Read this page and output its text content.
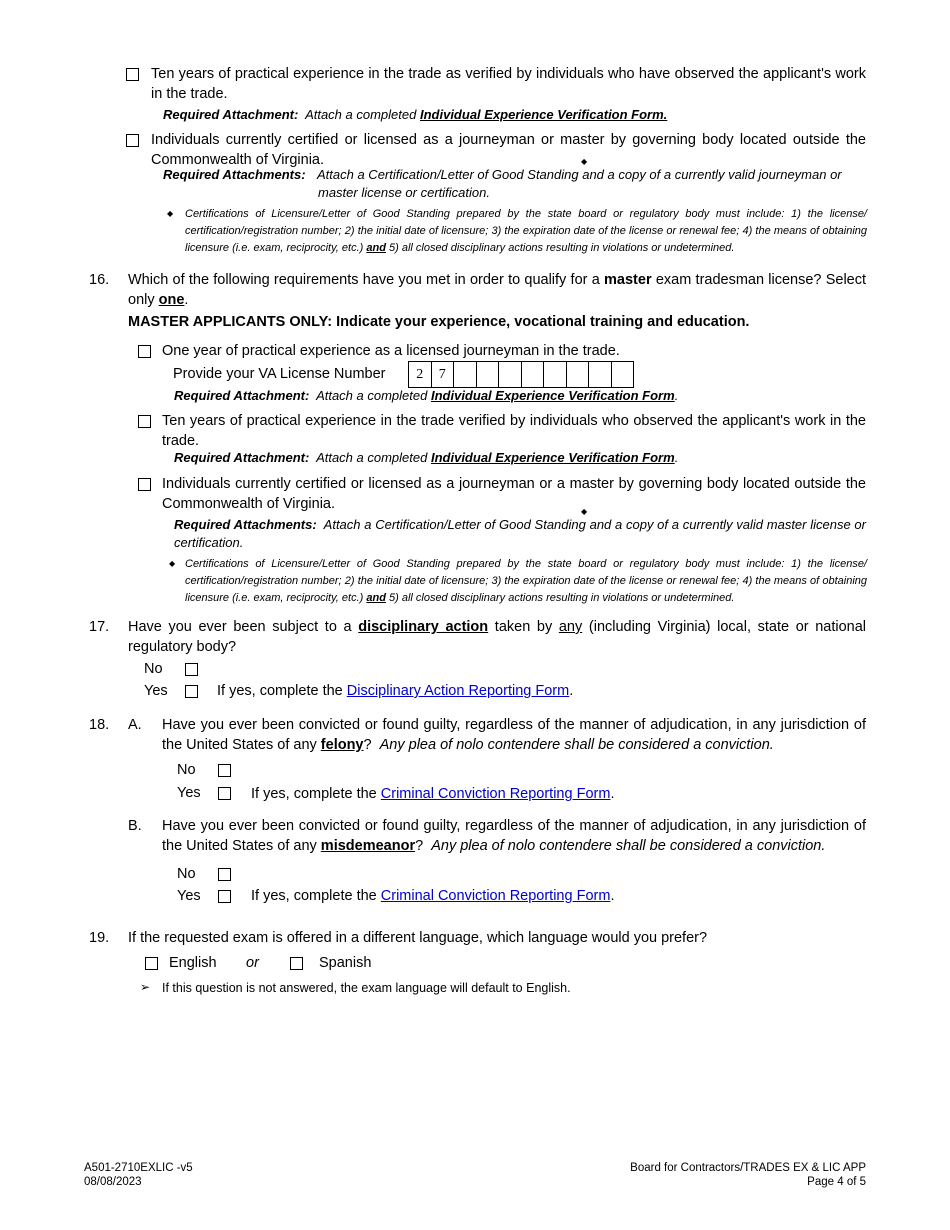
Ten years of practical experience in the trade as verified by individuals who have observed the applicant's work in the trade.
Required Attachment: Attach a completed Individual Experience Verification Form.
Individuals currently certified or licensed as a journeyman or master by governing body located outside the Commonwealth of Virginia.	◆
Required Attachments: Attach a Certification/Letter of Good Standing and a copy of a currently valid journeyman or
master license or certification.
◆ Certifications of Licensure/Letter of Good Standing prepared by the state board or regulatory body must include: 1) the license/ certification/registration number; 2) the initial date of licensure; 3) the expiration date of the license or renewal fee; 4) the means of obtaining licensure (i.e. exam, reciprocity, etc.) and 5) all closed disciplinary actions resulting in violations or undetermined.
16. Which of the following requirements have you met in order to qualify for a master exam tradesman license? Select only one.
MASTER APPLICANTS ONLY: Indicate your experience, vocational training and education.
One year of practical experience as a licensed journeyman in the trade.
Provide your VA License Number 2	7								
Required Attachment: Attach a completed Individual Experience Verification Form.
Ten years of practical experience in the trade verified by individuals who observed the applicant's work in the trade.
Required Attachment: Attach a completed Individual Experience Verification Form.
Individuals currently certified or licensed as a journeyman or a master by governing body located outside the Commonwealth of Virginia.	◆
Required Attachments: Attach a Certification/Letter of Good Standing and a copy of a currently valid master license or certification.
◆ Certifications of Licensure/Letter of Good Standing prepared by the state board or regulatory body must include: 1) the license/ certification/registration number; 2) the initial date of licensure; 3) the expiration date of the license or renewal fee; 4) the means of obtaining licensure (i.e. exam, reciprocity, etc.) and 5) all closed disciplinary actions resulting in violations or undetermined.
17. Have you ever been subject to a disciplinary action taken by any (including Virginia) local, state or national regulatory body?
No
Yes	If yes, complete the Disciplinary Action Reporting Form.
18. A. Have you ever been convicted or found guilty, regardless of the manner of adjudication, in any jurisdiction of the United States of any felony?  Any plea of nolo contendere shall be considered a conviction.
No
Yes	If yes, complete the Criminal Conviction Reporting Form.
B. Have you ever been convicted or found guilty, regardless of the manner of adjudication, in any jurisdiction of the United States of any misdemeanor?  Any plea of nolo contendere shall be considered a conviction.
No
Yes	If yes, complete the Criminal Conviction Reporting Form.
19. If the requested exam is offered in a different language, which language would you prefer?
English or	Spanish
➢ If this question is not answered, the exam language will default to English.
A501-2710EXLIC -v5
08/08/2023
Board for Contractors/TRADES EX & LIC APP
Page 4 of 5
